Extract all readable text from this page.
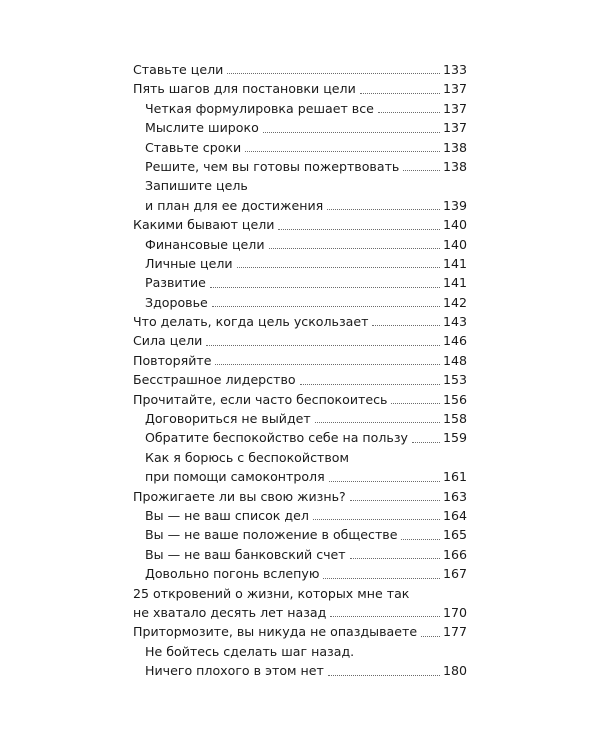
Ставьте цели	133
Пять шагов для постановки цели	137
Четкая формулировка решает все	137
Мыслите широко	137
Ставьте сроки	138
Решите, чем вы готовы пожертвовать	138
Запишите цель
и план для ее достижения	139
Какими бывают цели	140
Финансовые цели	140
Личные цели	141
Развитие	141
Здоровье	142
Что делать, когда цель ускользает	143
Сила цели	146
Повторяйте	148
Бесстрашное лидерство	153
Прочитайте, если часто беспокоитесь	156
Договориться не выйдет	158
Обратите беспокойство себе на пользу	159
Как я борюсь с беспокойством
при помощи самоконтроля	161
Прожигаете ли вы свою жизнь?	163
Вы — не ваш список дел	164
Вы — не ваше положение в обществе	165
Вы — не ваш банковский счет	166
Довольно погонь вслепую	167
25 откровений о жизни, которых мне так
не хватало десять лет назад	170
Притормозите, вы никуда не опаздываете 177
Не бойтесь сделать шаг назад.
Ничего плохого в этом нет	180
